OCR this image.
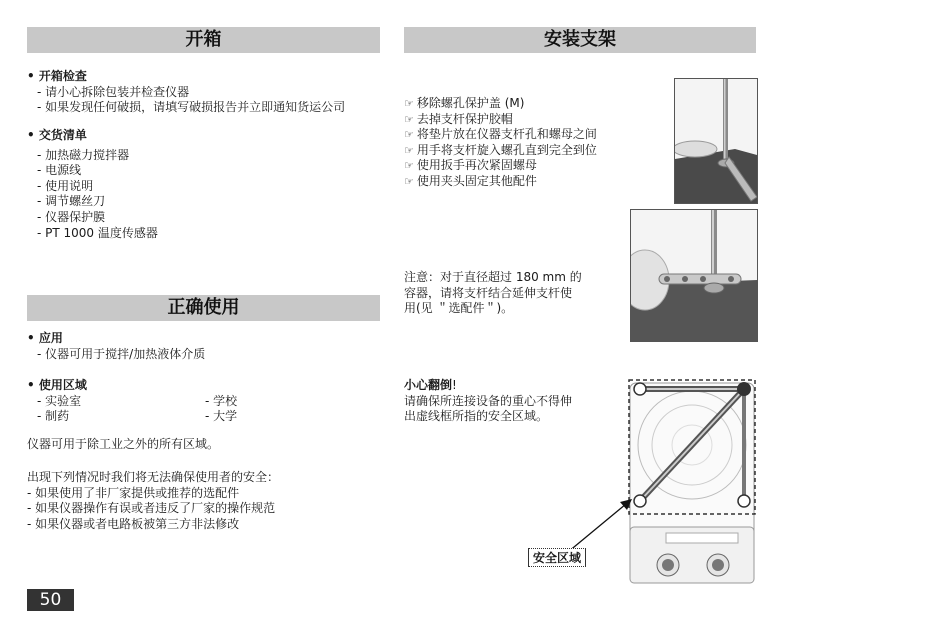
开箱
• 开箱检查
- 请小心拆除包装并检查仪器
- 如果发现任何破损，请填写破损报告并立即通知货运公司
• 交货清单
- 加热磁力搅拌器
- 电源线
- 使用说明
- 调节螺丝刀
- 仪器保护膜
- PT 1000 温度传感器
正确使用
• 应用
- 仪器可用于搅拌/加热液体介质
• 使用区域
- 实验室
- 制药
- 学校
- 大学
仪器可用于除工业之外的所有区域。
出现下列情况时我们将无法确保使用者的安全：
- 如果使用了非厂家提供或推荐的选配件
- 如果仪器操作有误或者违反了厂家的操作规范
- 如果仪器或者电路板被第三方非法修改
50
安装支架
☞ 移除螺孔保护盖 (M)
☞ 去掉支杆保护胶帽
☞ 将垫片放在仪器支杆孔和螺母之间
☞ 用手将支杆旋入螺孔直到完全到位
☞ 使用扳手再次紧固螺母
☞ 使用夹头固定其他配件
注意：对于直径超过 180 mm 的
容器，请将支杆结合延伸支杆使
用(见 ＂选配件＂)。
小心翻倒!
请确保所连接设备的重心不得伸
出虚线框所指的安全区域。
安全区域
